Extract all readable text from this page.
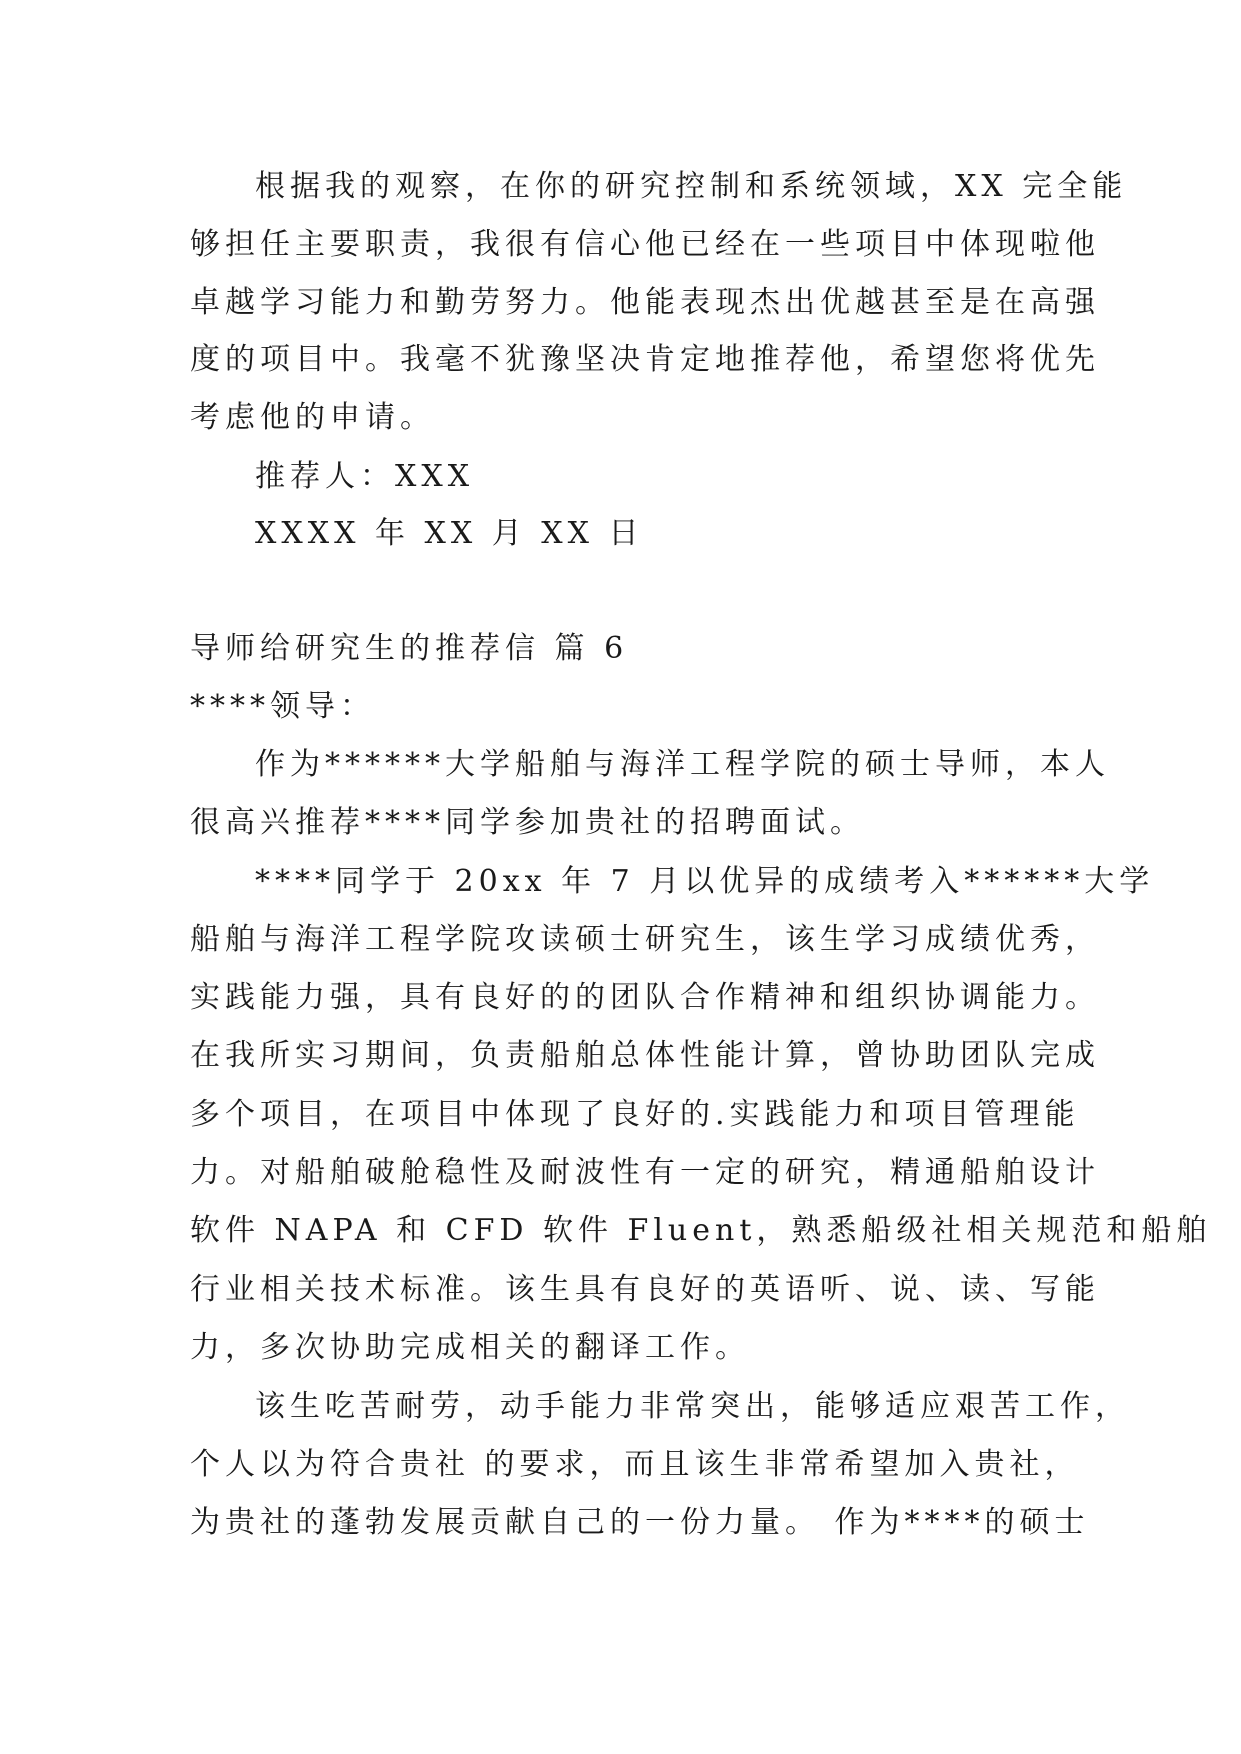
根据我的观察，在你的研究控制和系统领域，XX 完全能
够担任主要职责，我很有信心他已经在一些项目中体现啦他
卓越学习能力和勤劳努力。他能表现杰出优越甚至是在高强
度的项目中。我毫不犹豫坚决肯定地推荐他，希望您将优先
考虑他的申请。
推荐人：XXX
XXXX 年 XX 月 XX 日
导师给研究生的推荐信 篇 6
****领导：
作为******大学船舶与海洋工程学院的硕士导师，本人
很高兴推荐****同学参加贵社的招聘面试。
****同学于 20xx 年 7 月以优异的成绩考入******大学
船舶与海洋工程学院攻读硕士研究生，该生学习成绩优秀，
实践能力强，具有良好的的团队合作精神和组织协调能力。
在我所实习期间，负责船舶总体性能计算，曾协助团队完成
多个项目，在项目中体现了良好的.实践能力和项目管理能
力。对船舶破舱稳性及耐波性有一定的研究，精通船舶设计
软件 NAPA 和 CFD 软件 Fluent，熟悉船级社相关规范和船舶
行业相关技术标准。该生具有良好的英语听、说、读、写能
力，多次协助完成相关的翻译工作。
该生吃苦耐劳，动手能力非常突出，能够适应艰苦工作，
个人以为符合贵社 的要求，而且该生非常希望加入贵社，
为贵社的蓬勃发展贡献自己的一份力量。 作为****的硕士
